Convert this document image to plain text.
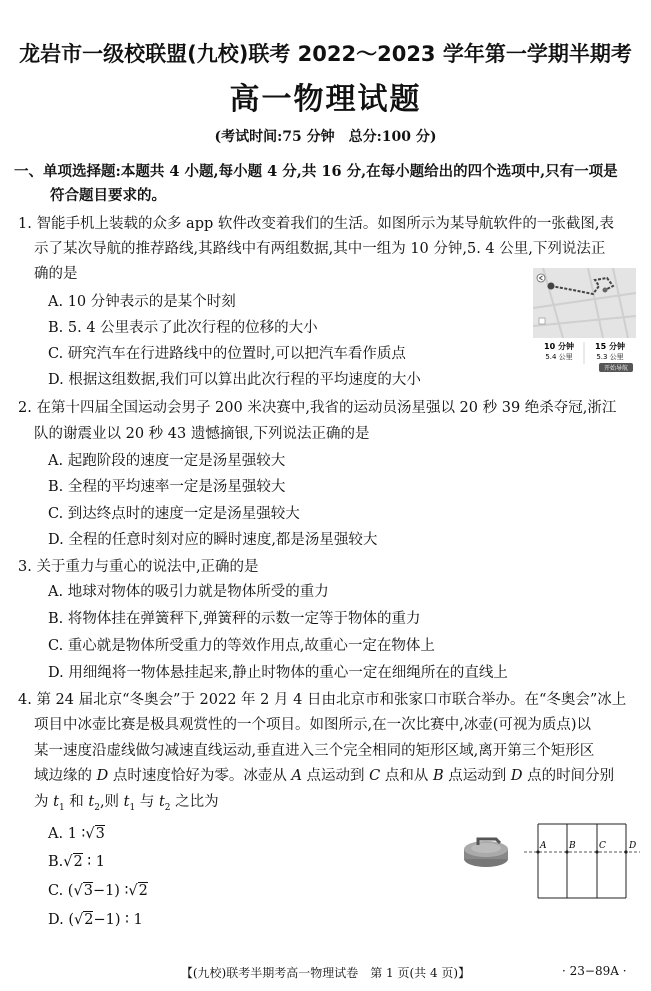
龙岩市一级校联盟(九校)联考 2022～2023 学年第一学期半期考
高一物理试题
(考试时间:75 分钟　总分:100 分)
一、单项选择题:本题共 4 小题,每小题 4 分,共 16 分,在每小题给出的四个选项中,只有一项是
符合题目要求的。
1. 智能手机上装载的众多 app 软件改变着我们的生活。如图所示为某导航软件的一张截图,表
示了某次导航的推荐路线,其路线中有两组数据,其中一组为 10 分钟,5. 4 公里,下列说法正
确的是
A. 10 分钟表示的是某个时刻
B. 5. 4 公里表示了此次行程的位移的大小
C. 研究汽车在行进路线中的位置时,可以把汽车看作质点
D. 根据这组数据,我们可以算出此次行程的平均速度的大小
10 分钟
5.4 公里
15 分钟
5.3 公里
开始导航
2. 在第十四届全国运动会男子 200 米决赛中,我省的运动员汤星强以 20 秒 39 绝杀夺冠,浙江
队的谢震业以 20 秒 43 遗憾摘银,下列说法正确的是
A. 起跑阶段的速度一定是汤星强较大
B. 全程的平均速率一定是汤星强较大
C. 到达终点时的速度一定是汤星强较大
D. 全程的任意时刻对应的瞬时速度,都是汤星强较大
3. 关于重力与重心的说法中,正确的是
A. 地球对物体的吸引力就是物体所受的重力
B. 将物体挂在弹簧秤下,弹簧秤的示数一定等于物体的重力
C. 重心就是物体所受重力的等效作用点,故重心一定在物体上
D. 用细绳将一物体悬挂起来,静止时物体的重心一定在细绳所在的直线上
4. 第 24 届北京“冬奥会”于 2022 年 2 月 4 日由北京市和张家口市联合举办。在“冬奥会”冰上
项目中冰壶比赛是极具观赏性的一个项目。如图所示,在一次比赛中,冰壶(可视为质点)以
某一速度沿虚线做匀减速直线运动,垂直进入三个完全相同的矩形区域,离开第三个矩形区
域边缘的 D 点时速度恰好为零。冰壶从 A 点运动到 C 点和从 B 点运动到 D 点的时间分别
为 $t_1$ 和 $t_2$,则 $t_1$ 与 $t_2$ 之比为
A. 1 ∶√3
B.√2 ∶ 1
C. (√3−1) ∶√2
D. (√2−1) ∶ 1
A	B	C	D
【(九校)联考半期考高一物理试卷　第 1 页(共 4 页)】	· 23−89A ·
